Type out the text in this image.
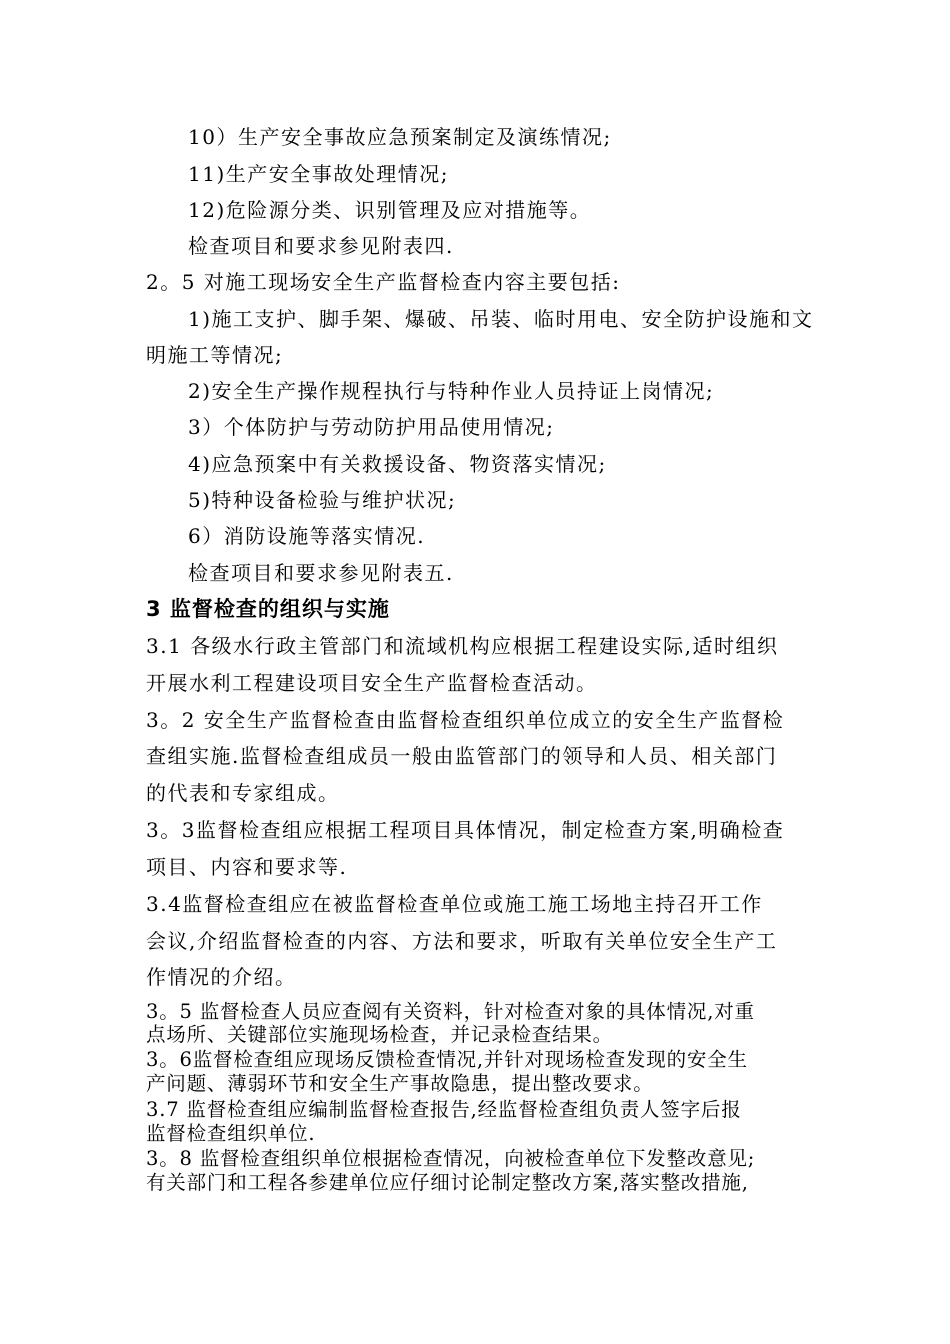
10）生产安全事故应急预案制定及演练情况;
11)生产安全事故处理情况;
12)危险源分类、识别管理及应对措施等。
检查项目和要求参见附表四.
2。5 对施工现场安全生产监督检查内容主要包括:
1)施工支护、脚手架、爆破、吊装、临时用电、安全防护设施和文
明施工等情况;
2)安全生产操作规程执行与特种作业人员持证上岗情况;
3）个体防护与劳动防护用品使用情况;
4)应急预案中有关救援设备、物资落实情况;
5)特种设备检验与维护状况;
6）消防设施等落实情况.
检查项目和要求参见附表五.
3 监督检查的组织与实施
3.1 各级水行政主管部门和流域机构应根据工程建设实际,适时组织
开展水利工程建设项目安全生产监督检查活动。
3。2 安全生产监督检查由监督检查组织单位成立的安全生产监督检
查组实施.监督检查组成员一般由监管部门的领导和人员、相关部门
的代表和专家组成。
3。3监督检查组应根据工程项目具体情况，制定检查方案,明确检查
项目、内容和要求等.
3.4监督检查组应在被监督检查单位或施工施工场地主持召开工作
会议,介绍监督检查的内容、方法和要求，听取有关单位安全生产工
作情况的介绍。
3。5 监督检查人员应查阅有关资料，针对检查对象的具体情况,对重
点场所、关键部位实施现场检查，并记录检查结果。
3。6监督检查组应现场反馈检查情况,并针对现场检查发现的安全生
产问题、薄弱环节和安全生产事故隐患，提出整改要求。
3.7 监督检查组应编制监督检查报告,经监督检查组负责人签字后报
监督检查组织单位.
3。8 监督检查组织单位根据检查情况，向被检查单位下发整改意见;
有关部门和工程各参建单位应仔细讨论制定整改方案,落实整改措施,
